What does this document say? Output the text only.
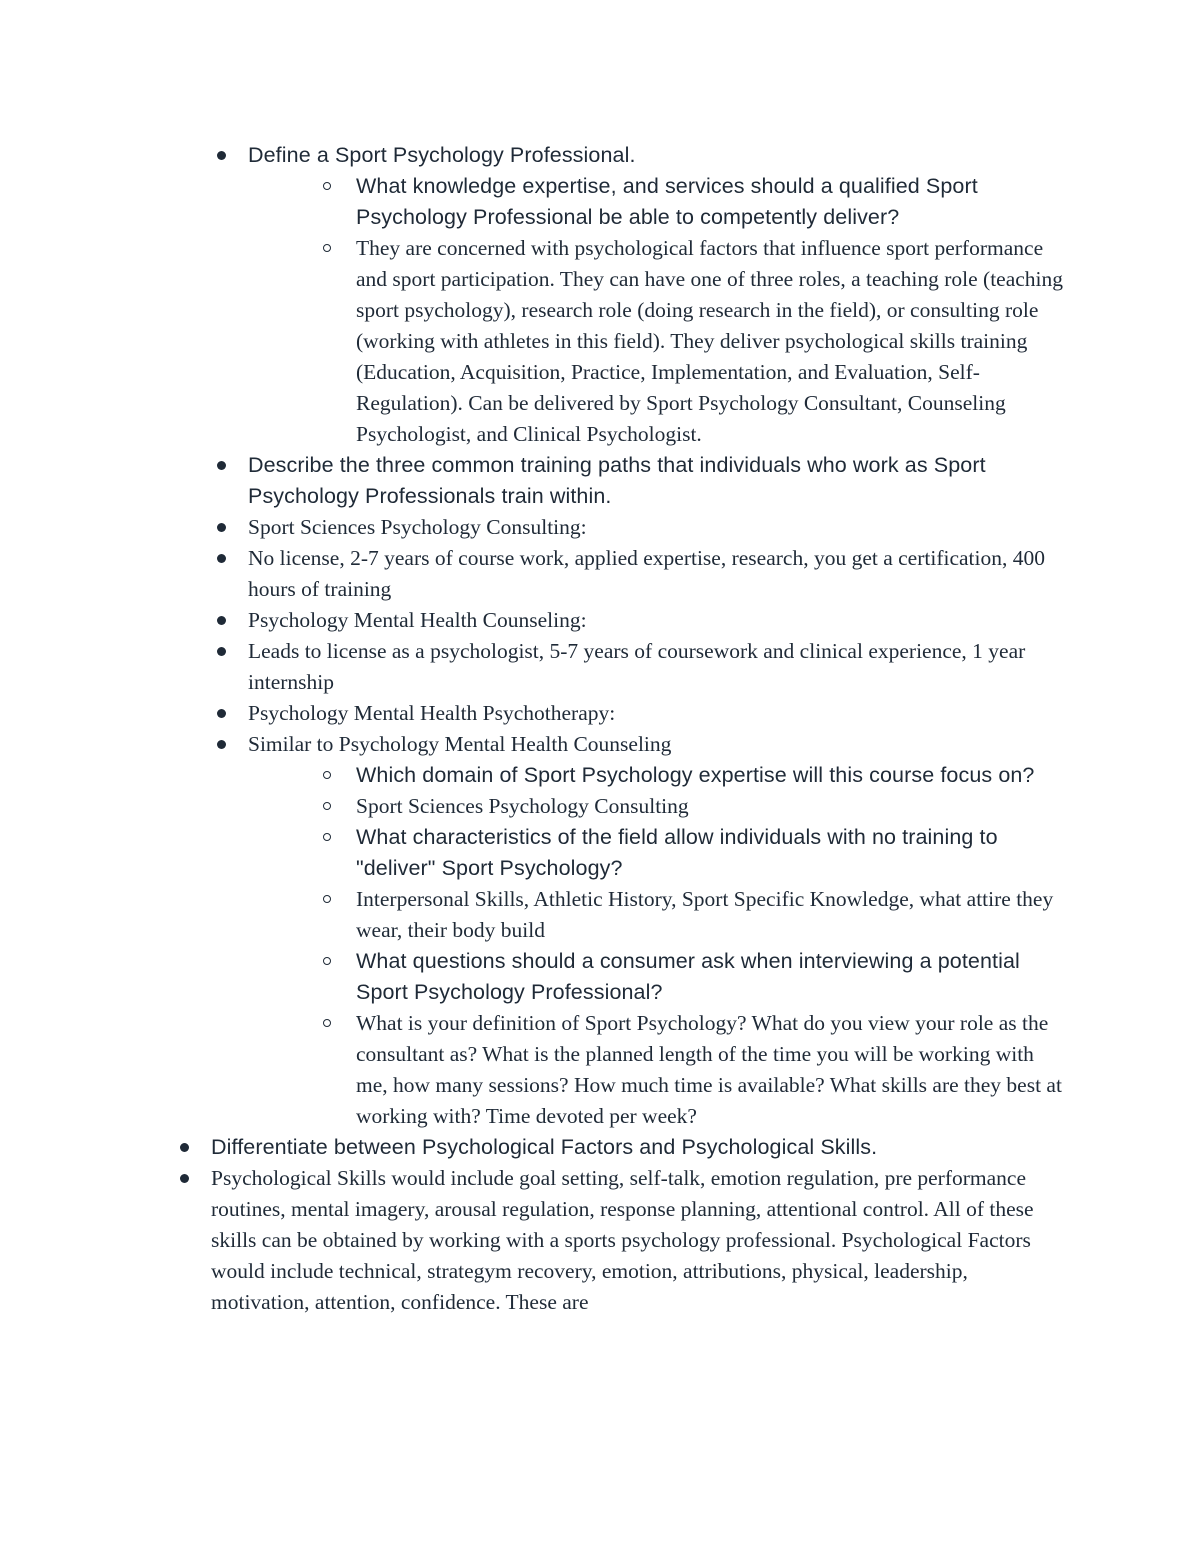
Define a Sport Psychology Professional.
What knowledge expertise, and services should a qualified Sport Psychology Professional be able to competently deliver?
They are concerned with psychological factors that influence sport performance and sport participation. They can have one of three roles, a teaching role (teaching sport psychology), research role (doing research in the field), or consulting role (working with athletes in this field). They deliver psychological skills training (Education, Acquisition, Practice, Implementation, and Evaluation, Self-Regulation). Can be delivered by Sport Psychology Consultant, Counseling Psychologist, and Clinical Psychologist.
Describe the three common training paths that individuals who work as Sport Psychology Professionals train within.
Sport Sciences Psychology Consulting:
No license, 2-7 years of course work, applied expertise, research, you get a certification, 400 hours of training
Psychology Mental Health Counseling:
Leads to license as a psychologist, 5-7 years of coursework and clinical experience, 1 year internship
Psychology Mental Health Psychotherapy:
Similar to Psychology Mental Health Counseling
Which domain of Sport Psychology expertise will this course focus on?
Sport Sciences Psychology Consulting
What characteristics of the field allow individuals with no training to "deliver" Sport Psychology?
Interpersonal Skills, Athletic History, Sport Specific Knowledge, what attire they wear, their body build
What questions should a consumer ask when interviewing a potential Sport Psychology Professional?
What is your definition of Sport Psychology? What do you view your role as the consultant as? What is the planned length of the time you will be working with me, how many sessions? How much time is available? What skills are they best at working with? Time devoted per week?
Differentiate between Psychological Factors and Psychological Skills.
Psychological Skills would include goal setting, self-talk, emotion regulation, pre performance routines, mental imagery, arousal regulation, response planning, attentional control. All of these skills can be obtained by working with a sports psychology professional. Psychological Factors would include technical, strategym recovery, emotion, attributions, physical, leadership, motivation, attention, confidence. These are
